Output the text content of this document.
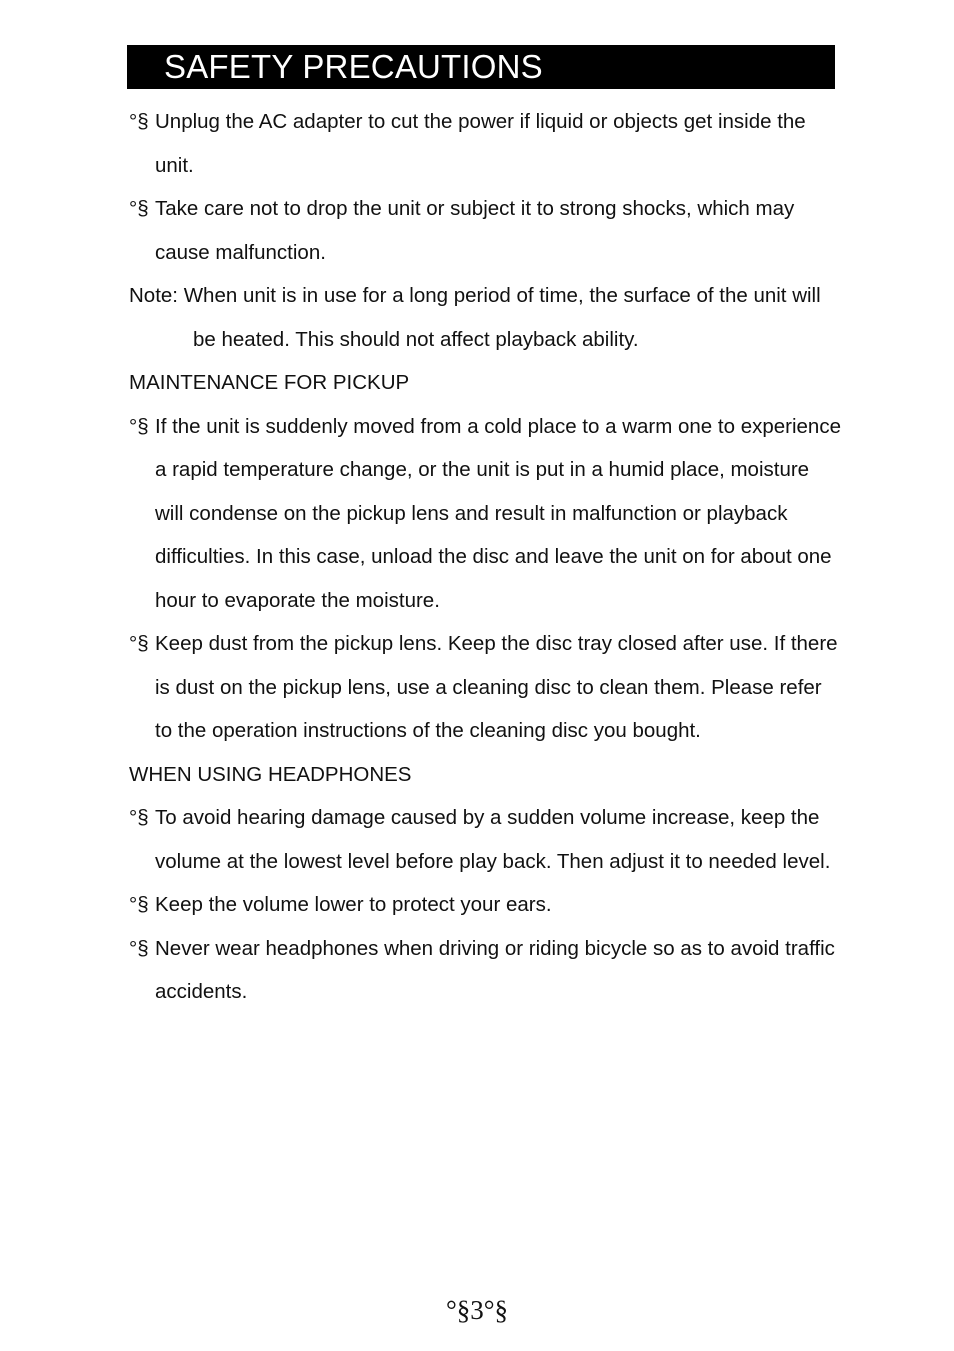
SAFETY PRECAUTIONS

°§ Unplug the AC adapter to cut the power if liquid or objects get inside the unit.

°§ Take care not to drop the unit or subject it to strong shocks, which may cause malfunction.

Note: When unit is in use for a long period of time, the surface of the unit will be heated. This should not affect playback ability.

MAINTENANCE FOR PICKUP

°§ If the unit is suddenly moved from a cold place to a warm one to experience a rapid temperature change, or the unit is put in a humid place, moisture will condense on the pickup lens and result in malfunction or playback difficulties. In this case, unload the disc and leave the unit on for about one hour to evaporate the moisture.

°§ Keep dust from the pickup lens. Keep the disc tray closed after use. If there is dust on the pickup lens, use a cleaning disc to clean them. Please refer to the operation instructions of the cleaning disc you bought.

WHEN USING HEADPHONES

°§ To avoid hearing damage caused by a sudden volume increase, keep the volume at the lowest level before play back. Then adjust it to needed level.

°§ Keep the volume lower to protect your ears.

°§ Never wear headphones when driving or riding bicycle so as to avoid traffic accidents.

°§3°§
